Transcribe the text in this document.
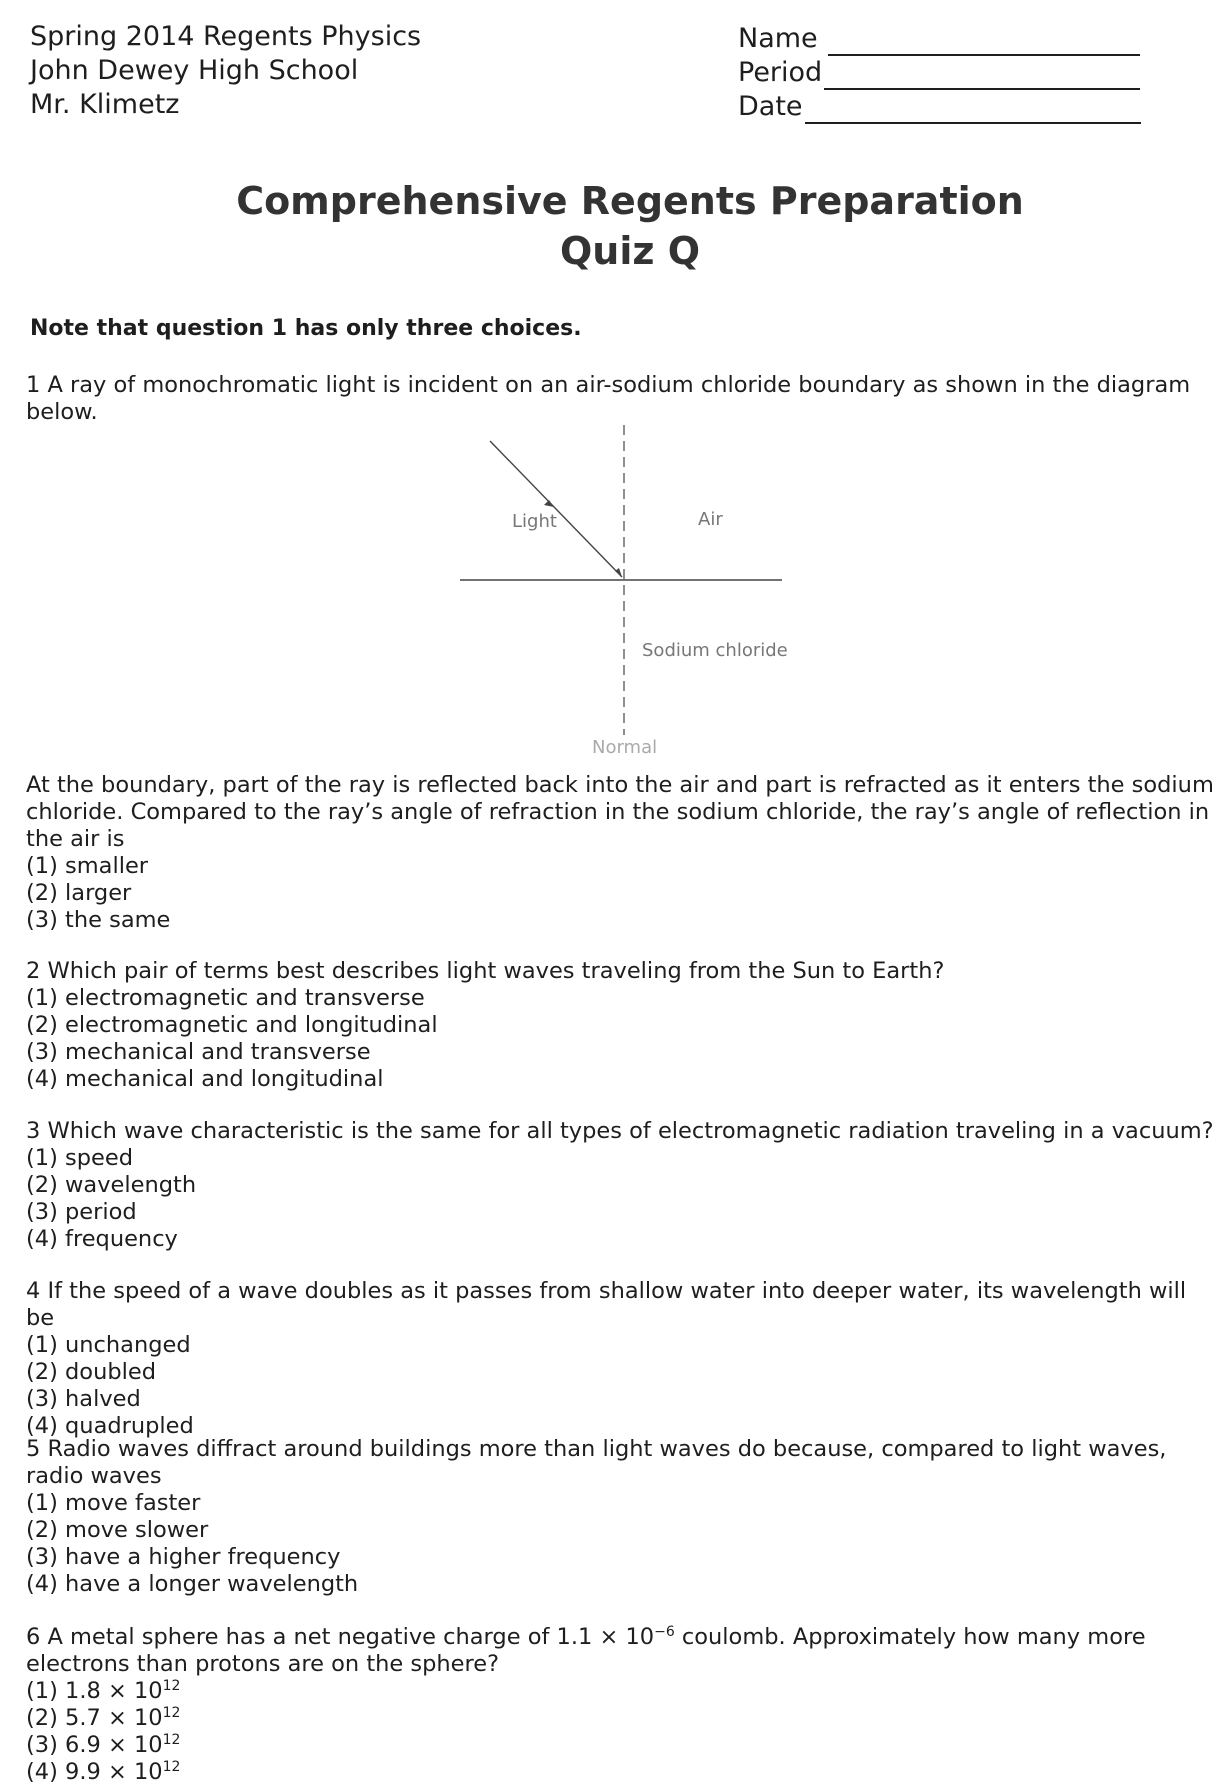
Spring 2014 Regents Physics
John Dewey High School
Mr. Klimetz
Name
Period
Date
Comprehensive Regents Preparation
Quiz Q
Note that question 1 has only three choices.

1 A ray of monochromatic light is incident on an air-sodium chloride boundary as shown in the diagram below.

Light	Air
Sodium chloride
Normal

At the boundary, part of the ray is reflected back into the air and part is refracted as it enters the sodium chloride. Compared to the ray’s angle of refraction in the sodium chloride, the ray’s angle of reflection in the air is

(1) smaller
(2) larger
(3) the same

2 Which pair of terms best describes light waves traveling from the Sun to Earth?

(1) electromagnetic and transverse
(2) electromagnetic and longitudinal
(3) mechanical and transverse
(4) mechanical and longitudinal

3 Which wave characteristic is the same for all types of electromagnetic radiation traveling in a vacuum?

(1) speed
(2) wavelength
(3) period
(4) frequency

4 If the speed of a wave doubles as it passes from shallow water into deeper water, its wavelength will be

(1) unchanged
(2) doubled
(3) halved
(4) quadrupled

5 Radio waves diffract around buildings more than light waves do because, compared to light waves, radio waves

(1) move faster
(2) move slower
(3) have a higher frequency
(4) have a longer wavelength

6 A metal sphere has a net negative charge of $1.1 \times 10^{-6}$ coulomb. Approximately how many more electrons than protons are on the sphere?

(1) $1.8 \times 10^{12}$
(2) $5.7 \times 10^{12}$
(3) $6.9 \times 10^{12}$
(4) $9.9 \times 10^{12}$
